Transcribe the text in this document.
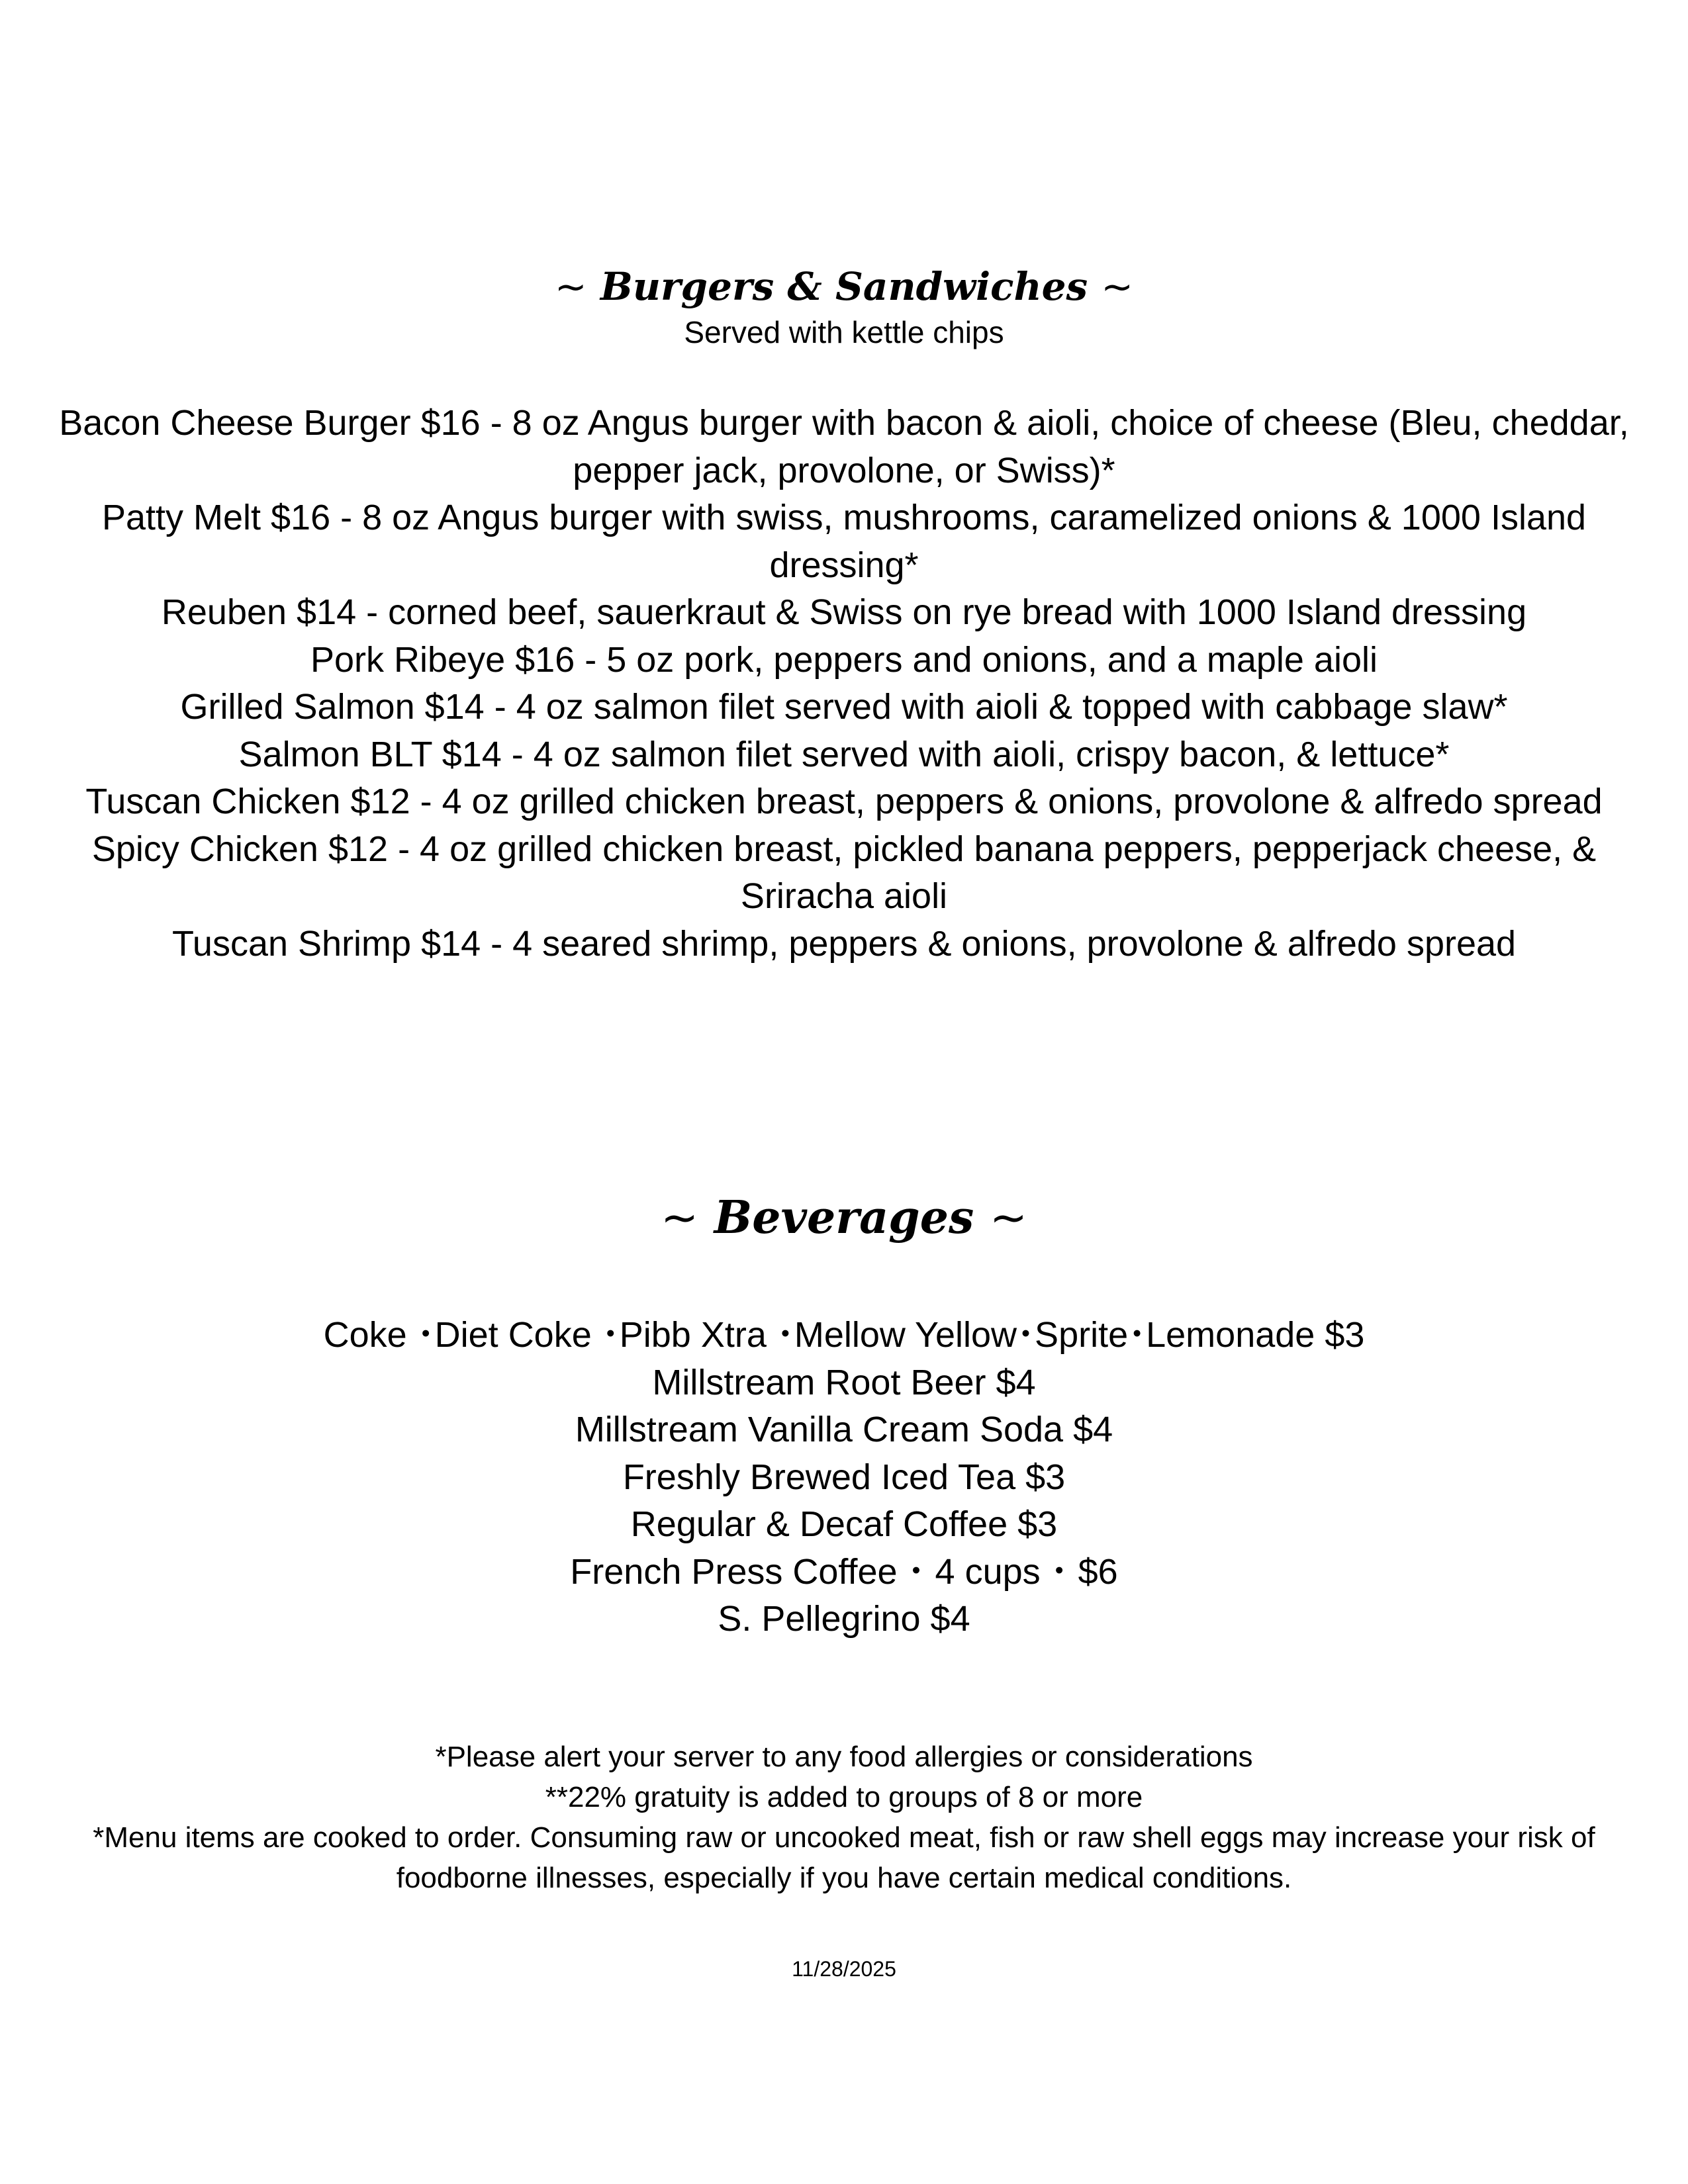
~ Burgers & Sandwiches ~
Served with kettle chips
Bacon Cheese Burger $16 - 8 oz Angus burger with bacon & aioli, choice of cheese (Bleu, cheddar, pepper jack, provolone, or Swiss)*
Patty Melt $16 - 8 oz Angus burger with swiss, mushrooms, caramelized onions & 1000 Island dressing*
Reuben $14 - corned beef, sauerkraut & Swiss on rye bread with 1000 Island dressing
Pork Ribeye $16 - 5 oz pork, peppers and onions, and a maple aioli
Grilled Salmon $14 - 4 oz salmon filet served with aioli & topped with cabbage slaw*
Salmon BLT $14 - 4 oz salmon filet served with aioli, crispy bacon, & lettuce*
Tuscan Chicken $12 - 4 oz grilled chicken breast, peppers & onions, provolone & alfredo spread
Spicy Chicken $12 - 4 oz grilled chicken breast, pickled banana peppers, pepperjack cheese, & Sriracha aioli
Tuscan Shrimp $14 - 4 seared shrimp, peppers & onions, provolone & alfredo spread
~ Beverages ~
Coke ･Diet Coke ･Pibb Xtra ･Mellow Yellow･Sprite･Lemonade $3
Millstream Root Beer $4
Millstream Vanilla Cream Soda $4
Freshly Brewed Iced Tea $3
Regular & Decaf Coffee $3
French Press Coffee ･ 4 cups ･ $6
S. Pellegrino $4
*Please alert your server to any food allergies or considerations
**22% gratuity is added to groups of 8 or more
*Menu items are cooked to order. Consuming raw or uncooked meat, fish or raw shell eggs may increase your risk of foodborne illnesses, especially if you have certain medical conditions.
11/28/2025
